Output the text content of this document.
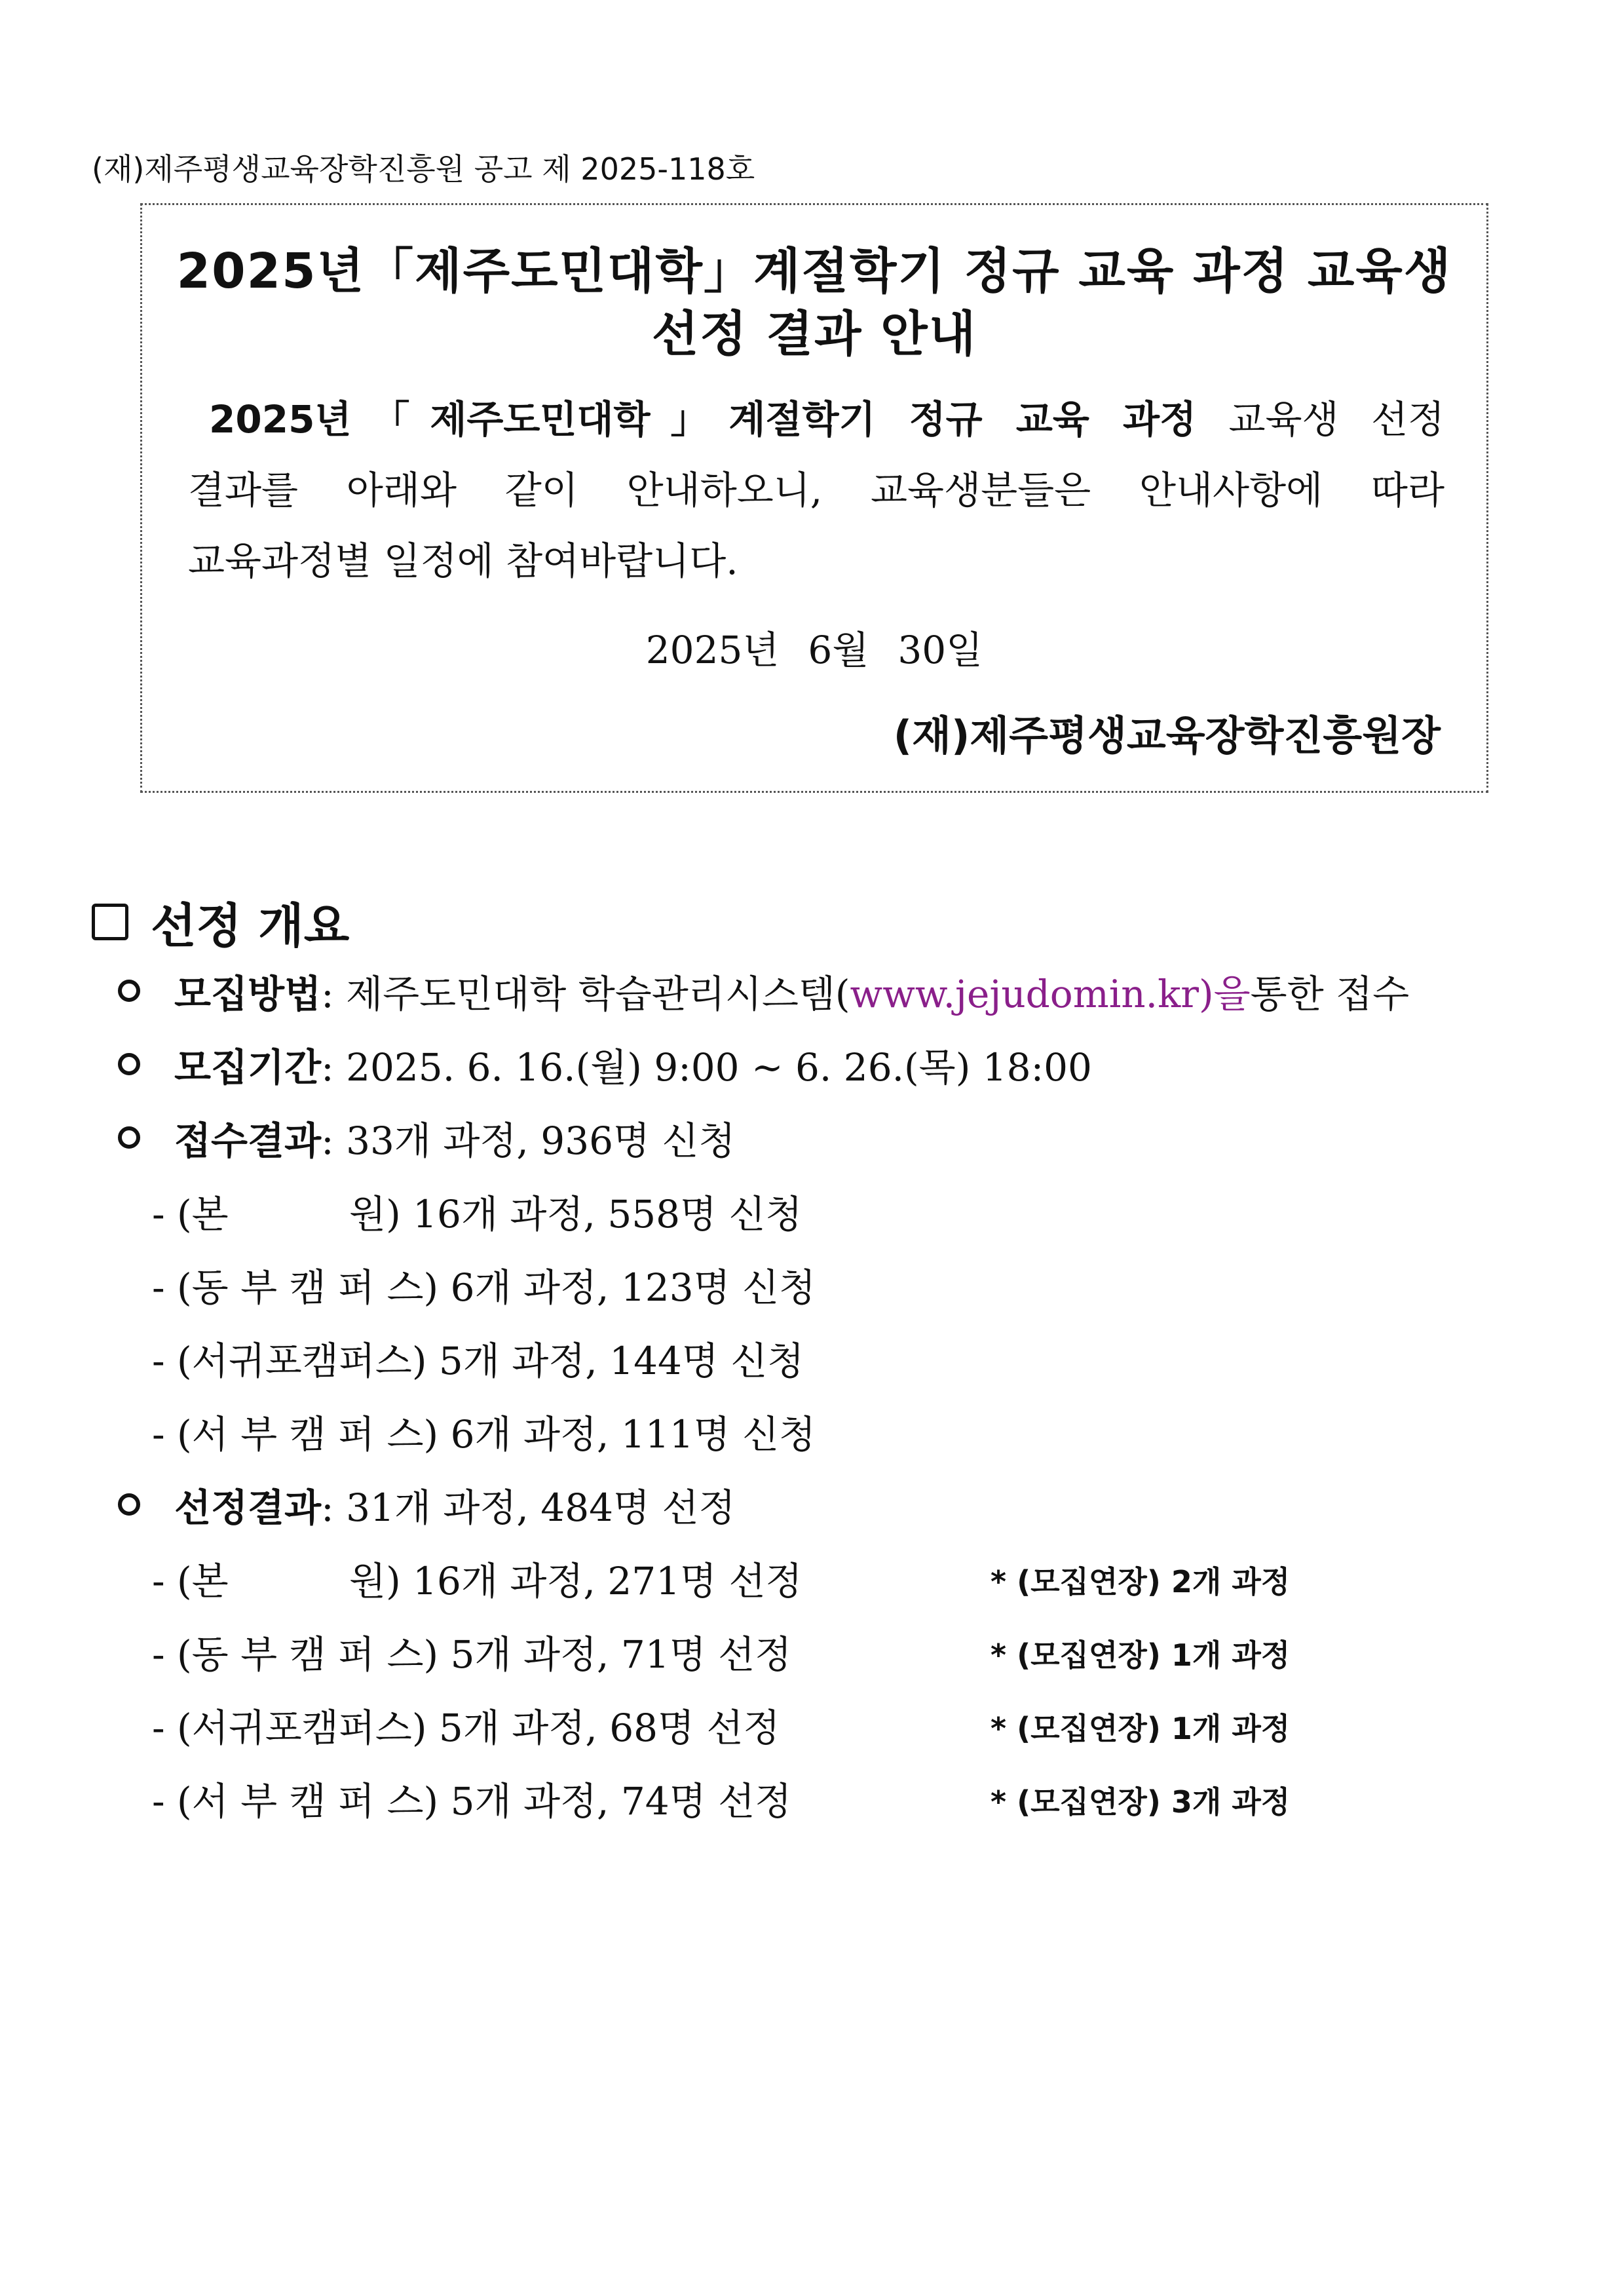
(재)제주평생교육장학진흥원 공고 제 2025-118호
2025년「제주도민대학」계절학기 정규 교육 과정 교육생
선정 결과 안내
2025년「제주도민대학」계절학기 정규 교육 과정 교육생 선정
결과를 아래와 같이 안내하오니, 교육생분들은 안내사항에 따라
교육과정별 일정에 참여바랍니다.
2025년 6월 30일
(재)제주평생교육장학진흥원장
선정 개요
모집방법 : 제주도민대학 학습관리시스템( www.jejudomin.kr)을 통한 접수
모집기간 : 2025. 6. 16.(월) 9:00 ~ 6. 26.(목) 18:00
접수결과 : 33개 과정, 936명 신청
- (본          원) 16개 과정, 558명 신청
- (동 부 캠 퍼 스) 6개 과정, 123명 신청
- (서귀포캠퍼스) 5개 과정, 144명 신청
- (서 부 캠 퍼 스) 6개 과정, 111명 신청
선정결과 : 31개 과정, 484명 선정
- (본          원) 16개 과정, 271명 선정	* (모집연장) 2개 과정
- (동 부 캠 퍼 스) 5개 과정, 71명 선정	* (모집연장) 1개 과정
- (서귀포캠퍼스) 5개 과정, 68명 선정	* (모집연장) 1개 과정
- (서 부 캠 퍼 스) 5개 과정, 74명 선정	* (모집연장) 3개 과정
